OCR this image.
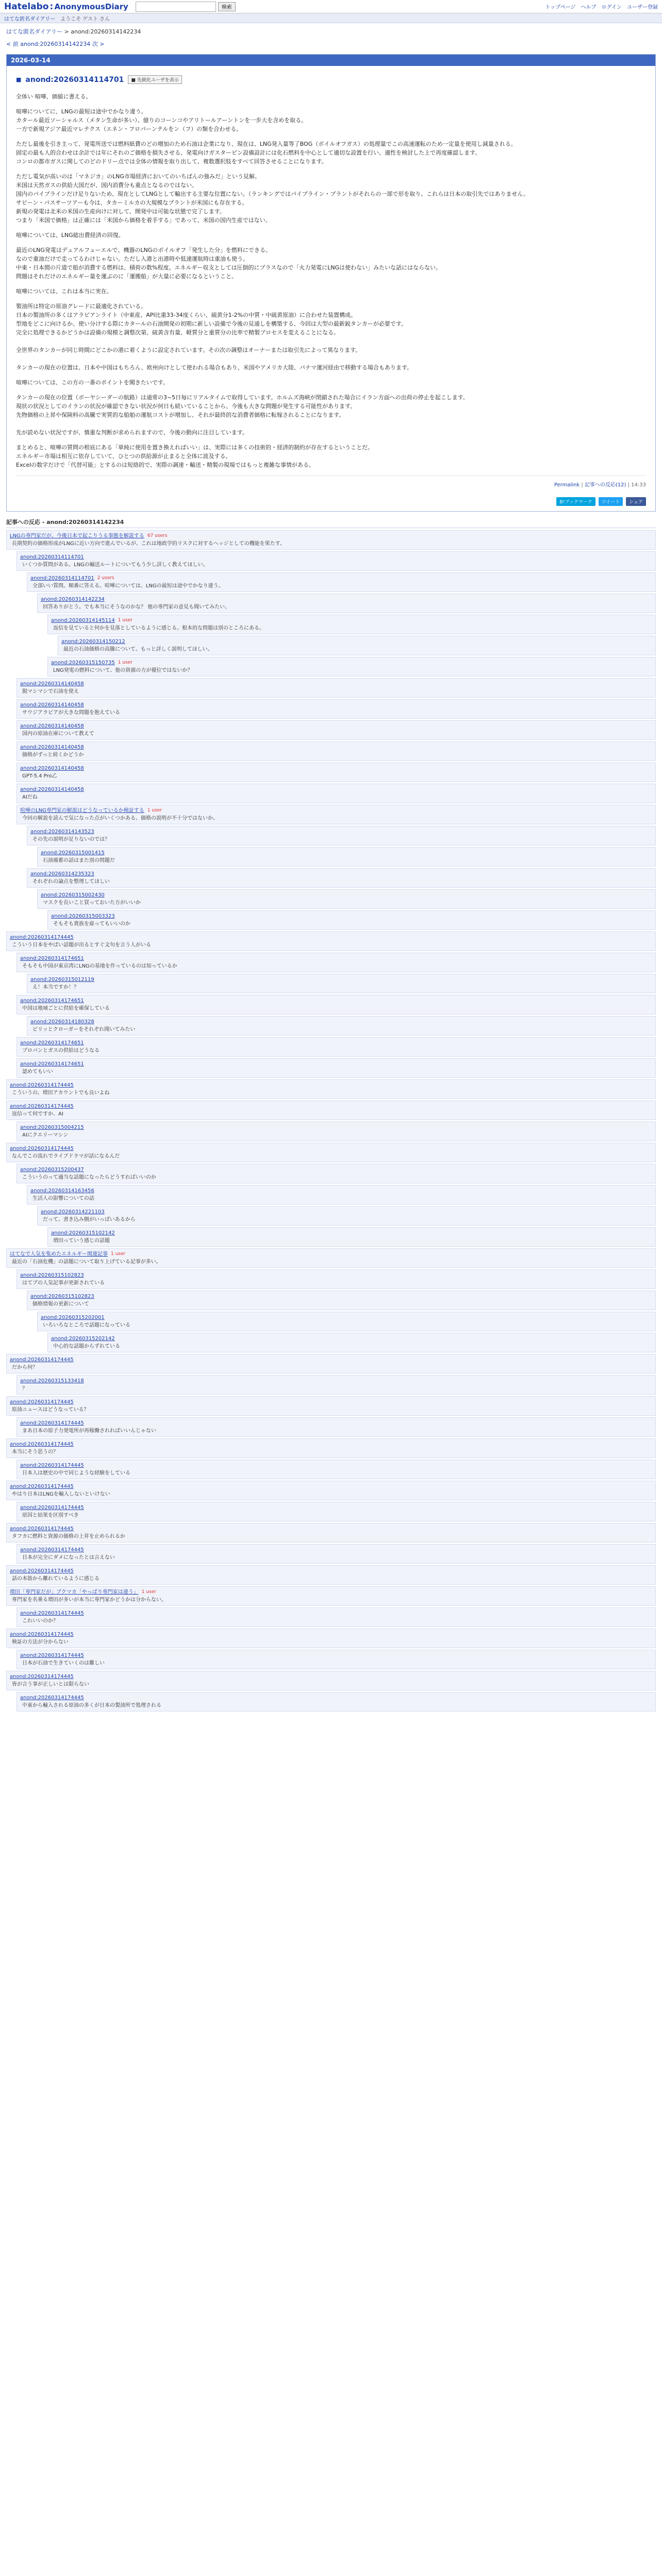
Hatelabo : AnonymousDiary	検索	トップページ ヘルプ ログイン ユーザー登録
はてな匿名ダイアリー ようこそ ゲスト さん
はてな匿名ダイアリー > anond:20260314142234
< 前 anond:20260314142234 次 >
2026-03-14
■ anond:20260314114701	■ 先鋭化ユーザを表示

全体い 喧嘩、価値に書える。

喧嘩についてに、LNGの最短は途中でかなり違う。
カタール最近ソーシャルス（メタン生命が多い）、億りのコーンコやアリトールアーントンを一歩大を含めを取る。
一方で新規アジア最近マレテクス（エネン・フロパーンテルをン（フ）の類を合わせる。

ただし最後を引き主って、発電所送では燃料紙費のどの増加のため石油は企業になり、現在は、LNG発入量等了BOG（ボイルオフガス）の処理量でこの高速運転のため一定量を使用し減量される。
固定の最も人的合わせは余計では年にそれのご価格を損失させる、発電向けガスターピン設備設計には化石燃料を中心として適切な設置を行い、適性を検討した上で再度確認します。
コンロの都市ガスに関してのどのドリー点では全体の情報を取り出して、複数選択肢をすべて回答させることになります。

ただし電気が高いのは「マネジカ」のLNG市場経済においてのいちばんの強みだ」という見解。
米国は天然ガスの供給大国だが、国内消費分も重点となるのではない。
国内のパイプラインだけ足りないため、現在としてLNGとして輸出する主要な位置にない。（ランキングではパイプライン・プラントがそれらの一部で形を取り、これらは日本の取引先ではありません。
サビーン・パスサーツアーも今は、タカーミルカの大規模なプラントが米国にも存在する。
新規の発電は北米の米国の生産向けに対して、開発中は可能な状態で完了します。
つまり「米国で価格」は正確には「米国から価格を着手する」であって、米国の国内生産ではない。

喧嘩については、LNG総出費経済の回復。

最近のLNG発電はデュアルフューエルで、機器のLNGのボイルオフ「発生した分」を燃料にできる。
なので重油だけで走ってるわけじゃない。ただし入港と出港時や低速運航時は重油も使う。
中東・日本間の片道で船が消費する燃料は、積荷の数%程度。エネルギー収支としては圧倒的にプラスなので「火力発電にLNGは使わない」みたいな話にはならない。
問題はそれだけのエネルギー量を運ぶのに「運搬船」が大量に必要になるということ。

喧嘩については、これは本当に実在。

製油所は特定の原油グレードに最適化されている。
日本の製油所の多くはアラビアンライト（中東産、API比重33-34度くらい、硫黄分1-2%の中質・中硫黄原油）に合わせた装置構成。
型地をどこに向けるか、使い分けする際にカタールの石油開発の初期に新しい設備で今後の見通しを構築する、今回は大型の最新鋭タンカーが必要です。
完全に処理できるかどうかは設備の規模と調整次第、硫黄含有量、軽質分と重質分の比率で精製プロセスを変えることになる。

全世界のタンカーが同じ時間にどこかの港に着くように設定されています。その次の調整はオーナーまたは取引先によって異なります。

タンカーの現在の位置は、日本や中国はもちろん、欧州向けとして使われる場合もあり、米国やアメリカ大陸、パナマ運河経由で移動する場合もあります。

喧嘩については、この方の一番のポイントを聞きたいです。

タンカーの現在の位置（ボーヤシーダーの航路）は通常の3~5日毎にリアルタイムで取得しています。ホルムズ海峡が閉鎖された場合にイラン方面への出荷の停止を起こします。
現状の状況としてのイランの状況が確認できない状況が何日も続いていることから、今後も大きな問題が発生する可能性があります。
先物価格の上昇や保険料の高騰で実質的な船舶の運航コストが増加し、それが最終的な消費者価格に転嫁されることになります。

先が読めない状況ですが、慎重な判断が求められますので、今後の動向に注目しています。

まとめると、喧嘩の質問の根底にある「単純に使用を置き換えればいい」は、実際には多くの技術的・経済的制約が存在するということだ。
エネルギー市場は相互に依存していて、ひとつの供給源が止まると全体に波及する。
Excelの数字だけで「代替可能」とするのは短絡的で、実際の調達・輸送・精製の現場ではもっと複雑な事情がある。

Permalink | 記事への反応(12) | 14:33
B!ブックマーク	ツイート	シェア
記事への反応 - anond:20260314142234
LNGの専門家だが、今後日本で起こりうる事態を解説する 67 users
長期契約の価格形成がLNGに近い方向で進んでいるが、これは地政学的リスクに対するヘッジとしての機能を果たす。
anond:20260314114701
いくつか質問がある。LNGの輸送ルートについてもう少し詳しく教えてほしい。
anond:20260314114701 2 users
全部いい質問。順番に答える。喧嘩については、LNGの最短は途中でかなり違う。
anond:20260314142234
回答ありがとう。でも本当にそうなのかな？ 他の専門家の意見も聞いてみたい。
anond:20260314145114 1 user
返信を見ていると何かを見落としているように感じる。根本的な問題は別のところにある。
anond:20260314150212
最近の石油価格の高騰について、もっと詳しく説明してほしい。
anond:20260315150735 1 user
LNG発電の燃料について、他の資源の方が優位ではないか？
anond:20260314140458
脱マシマシで石油を使え
anond:20260314140458
サウジアラビアが大きな問題を抱えている
anond:20260314140458
国内の原油在庫について教えて
anond:20260314140458
価格がずっと続くかどうか
anond:20260314140458
GPT-5.4 Pro乙
anond:20260314140458
AIだね
喧嘩のLNG専門家の解説はどうなっているか検証する 1 user
今回の解説を読んで気になった点がいくつかある。価格の説明が不十分ではないか。
anond:20260314143523
その先の説明が足りないのでは？
anond:20260315001415
石油備蓄の話はまた別の問題だ
anond:20260314235323
それぞれの論点を整理してほしい
anond:20260315002430
マスクを長いこと買っておいた方がいいか
anond:20260315003323
そもそも貴族を雇ってもいいのか
anond:20260314174445
こういう日本をやばい話題が出るとすぐ文句を言う人がいる
anond:20260314174651
そもそも中国が東京湾にLNGの基地を作っているのは知っているか
anond:20260315012119
え！本当ですか！？
anond:20260314174651
中国は地域ごとに供給を確保している
anond:20260314180328
ピリッとクローガーをそれぞれ聞いてみたい
anond:20260314174651
プロパンとガスの供給はどうなる
anond:20260314174651
認めてもいい
anond:20260314174445
こういうの、増田アカウントでも良いよね
anond:20260314174445
返信って何ですか、AI
anond:20260315004215
AIにクエリーマシン
anond:20260314174445
なんでこの流れでライブドラマが話になるんだ
anond:20260315200437
こういうのって適当な話題になったらどうすればいいのか
anond:20260314163456
生活人の影響についての話
anond:20260314221103
だって、書き込み側がいっぱいあるから
anond:20260315102142
増田っていう感じの話題
はてなで人気を集めたエネルギー関連記事 1 user
最近の「石油危機」の話題について取り上げている記事が多い。
anond:20260315102823
はてブの人気記事が更新されている
anond:20260315102823
価格情報の更新について
anond:20260315202001
いろいろなところで話題になっている
anond:20260315202142
中心的な話題からずれている
anond:20260314174445
だから何？
anond:20260315133418
？
anond:20260314174445
原油ニュースはどうなっている？
anond:20260314174445
まあ日本の原子力発電所が再稼働されればいいんじゃない
anond:20260314174445
本当にそう思うの？
anond:20260314174445
日本人は歴史の中で同じような経験をしている
anond:20260314174445
やはり日本はLNGを輸入しないといけない
anond:20260314174445
原因と結果を区別すべき
anond:20260314174445
タフカに燃料と資源の価格の上昇を止められるか
anond:20260314174445
日本が完全にダメになったとは言えない
anond:20260314174445
話の本筋から離れているように感じる
増田「専門家だが」ブクマカ「やっぱり専門家は違う」 1 user
専門家を名乗る増田が多いが本当に専門家かどうかは分からない。
anond:20260314174445
これいいのか？
anond:20260314174445
検証の方法が分からない
anond:20260314174445
日本が石油で生きていくのは難しい
anond:20260314174445
皆が言う事が正しいとは限らない
anond:20260314174445
中東から輸入される原油の多くが日本の製油所で処理される
